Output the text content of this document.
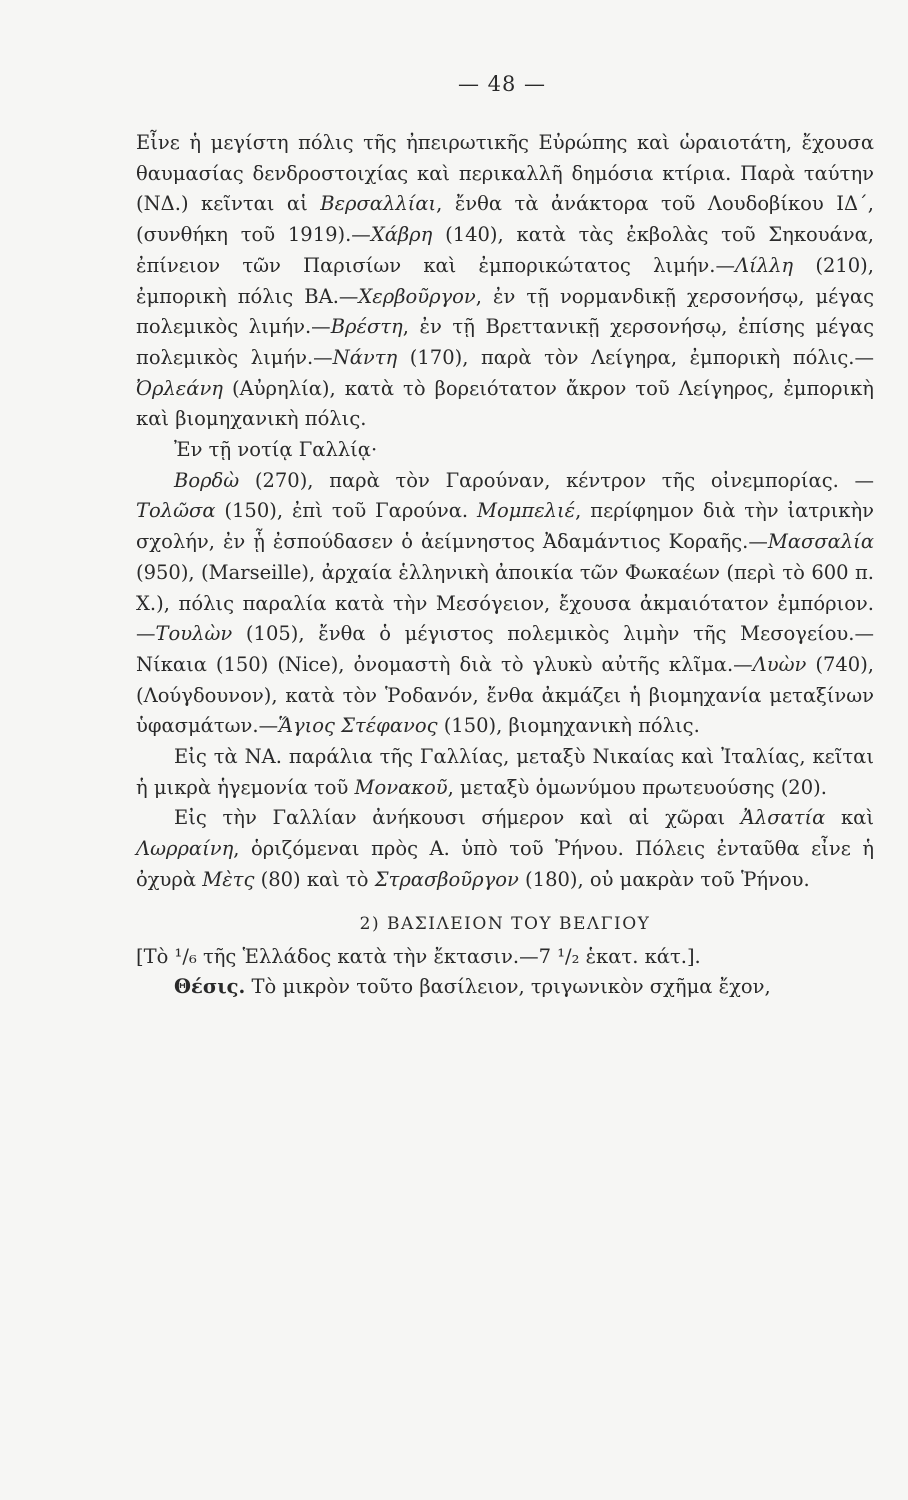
— 48 —

Εἶνε ἡ μεγίστη πόλις τῆς ἠπειρωτικῆς Εὐρώπης καὶ ὡραιοτάτη, ἔχουσα θαυμασίας δενδροστοιχίας καὶ περικαλλῆ δημόσια κτίρια. Παρὰ ταύτην (ΝΔ.) κεῖνται αἱ Βερσαλλίαι, ἔνθα τὰ ἀνάκτορα τοῦ Λουδοβίκου ΙΔ΄, (συνθήκη τοῦ 1919).—Χάβρη (140), κατὰ τὰς ἐκβολὰς τοῦ Σηκουάνα, ἐπίνειον τῶν Παρισίων καὶ ἐμπορικώτατος λιμήν.—Λίλλη (210), ἐμπορικὴ πόλις ΒΑ.—Χερβοῦργον, ἐν τῇ νορμανδικῇ χερσονήσῳ, μέγας πολεμικὸς λιμήν.—Βρέστη, ἐν τῇ Βρεττανικῇ χερσονήσῳ, ἐπίσης μέγας πολεμικὸς λιμήν.—Νάντη (170), παρὰ τὸν Λείγηρα, ἐμπορικὴ πόλις.—Ὀρλεάνη (Αὐρηλία), κατὰ τὸ βορειότατον ἄκρον τοῦ Λείγηρος, ἐμπορικὴ καὶ βιομηχανικὴ πόλις.

Ἐν τῇ νοτίᾳ Γαλλίᾳ·

Βορδὼ (270), παρὰ τὸν Γαρούναν, κέντρον τῆς οἰνεμπορίας. —Τολῶσα (150), ἐπὶ τοῦ Γαρούνα. Μομπελιέ, περίφημον διὰ τὴν ἰατρικὴν σχολήν, ἐν ᾗ ἐσπούδασεν ὁ ἀείμνηστος Ἀδαμάντιος Κοραῆς.—Μασσαλία (950), (Marseille), ἀρχαία ἑλληνικὴ ἀποικία τῶν Φωκαέων (περὶ τὸ 600 π. Χ.), πόλις παραλία κατὰ τὴν Μεσόγειον, ἔχουσα ἀκμαιότατον ἐμπόριον.—Τουλὼν (105), ἔνθα ὁ μέγιστος πολεμικὸς λιμὴν τῆς Μεσογείου.—Νίκαια (150) (Nice), ὀνομαστὴ διὰ τὸ γλυκὺ αὐτῆς κλῖμα.—Λυὼν (740), (Λούγδουνον), κατὰ τὸν Ῥοδανόν, ἔνθα ἀκμάζει ἡ βιομηχανία μεταξίνων ὑφασμάτων.—Ἅγιος Στέφανος (150), βιομηχανικὴ πόλις.

Εἰς τὰ ΝΑ. παράλια τῆς Γαλλίας, μεταξὺ Νικαίας καὶ Ἰταλίας, κεῖται ἡ μικρὰ ἡγεμονία τοῦ Μονακοῦ, μεταξὺ ὁμωνύμου πρωτευούσης (20).

Εἰς τὴν Γαλλίαν ἀνήκουσι σήμερον καὶ αἱ χῶραι Ἀλσατία καὶ Λωρραίνη, ὁριζόμεναι πρὸς Α. ὑπὸ τοῦ Ῥήνου. Πόλεις ἐνταῦθα εἶνε ἡ ὀχυρὰ Μὲτς (80) καὶ τὸ Στρασβοῦργον (180), οὐ μακρὰν τοῦ Ῥήνου.

2) ΒΑΣΙΛΕΙΟΝ ΤΟΥ ΒΕΛΓΙΟΥ

[Τὸ ¹/₆ τῆς Ἑλλάδος κατὰ τὴν ἔκτασιν.—7 ¹/₂ ἑκατ. κάτ.].

Θέσις. Τὸ μικρὸν τοῦτο βασίλειον, τριγωνικὸν σχῆμα ἔχον,
